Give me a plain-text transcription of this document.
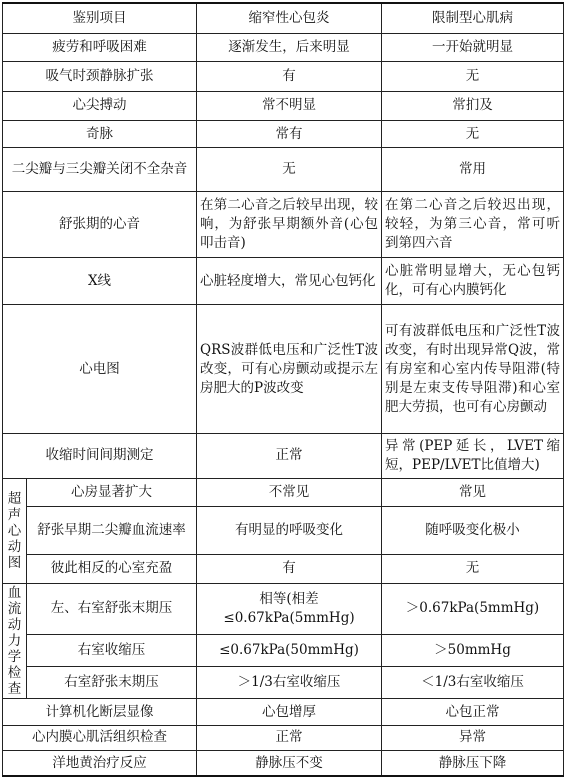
鉴别项目		缩窄性心包炎	限制型心肌病
疲劳和呼吸困难		逐渐发生，后来明显	一开始就明显
吸气时颈静脉扩张		有	无
心尖搏动		常不明显	常扪及
奇脉		常有	无
二尖瓣与三尖瓣关闭不全杂音		无	常用
舒张期的心音		在第二心音之后较早出现，较响，为舒张早期额外音(心包叩击音)	在第二心音之后较迟出现，较轻，为第三心音，常可听到第四六音
X线		心脏轻度增大，常见心包钙化	心脏常明显增大，无心包钙化，可有心内膜钙化
心电图		QRS波群低电压和广泛性T波改变，可有心房颤动或提示左房肥大的P波改变	可有波群低电压和广泛性T波改变，有时出现异常Q波，常有房室和心室内传导阻滞(特别是左束支传导阻滞)和心室肥大劳损，也可有心房颤动
收缩时间间期测定		正常	异常(PEP延长，LVET缩短，PEP/LVET比值增大)

超声心动图	心房显著扩大	不常见	常见
	舒张早期二尖瓣血流速率	有明显的呼吸变化	随呼吸变化极小
	彼此相反的心室充盈	有	无

血流动力学检查	左、右室舒张末期压	相等(相差≤0.67kPa(5mmHg)	＞0.67kPa(5mmHg)
	右室收缩压	≤0.67kPa(50mmHg)	＞50mmHg
	右室舒张末期压	＞1/3右室收缩压	＜1/3右室收缩压
计算机化断层显像		心包增厚	心包正常
心内膜心肌活组织检查		正常	异常
洋地黄治疗反应		静脉压不变	静脉压下降
